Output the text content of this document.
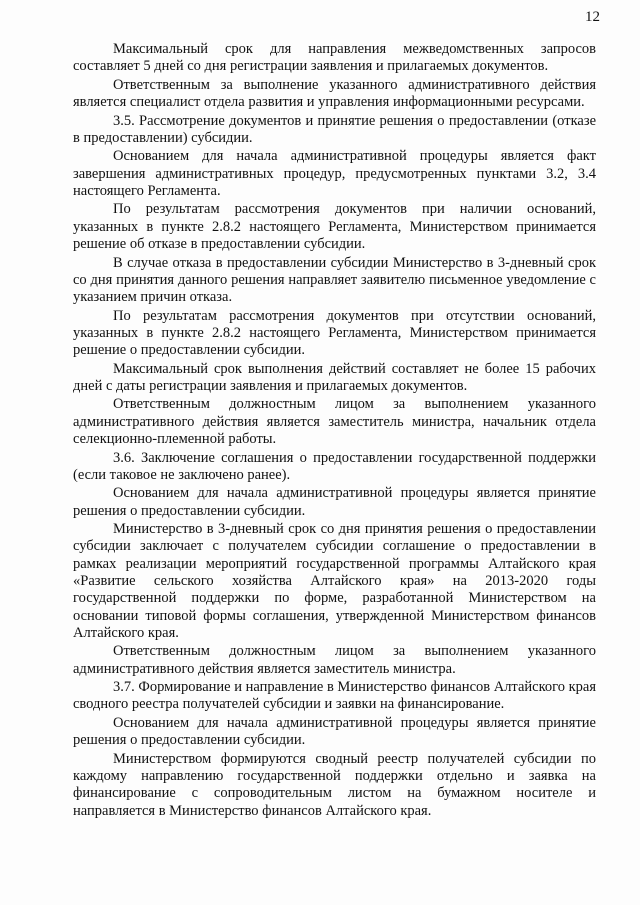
12

Максимальный срок для направления межведомственных запросов составляет 5 дней со дня регистрации заявления и прилагаемых документов.

Ответственным за выполнение указанного административного действия является специалист отдела развития и управления информационными ресурсами.

3.5. Рассмотрение документов и принятие решения о предоставлении (отказе в предоставлении) субсидии.

Основанием для начала административной процедуры является факт завершения административных процедур, предусмотренных пунктами 3.2, 3.4 настоящего Регламента.

По результатам рассмотрения документов при наличии оснований, указанных в пункте 2.8.2 настоящего Регламента, Министерством принимается решение об отказе в предоставлении субсидии.

В случае отказа в предоставлении субсидии Министерство в 3-дневный срок со дня принятия данного решения направляет заявителю письменное уведомление с указанием причин отказа.

По результатам рассмотрения документов при отсутствии оснований, указанных в пункте 2.8.2 настоящего Регламента, Министерством принимается решение о предоставлении субсидии.

Максимальный срок выполнения действий составляет не более 15 рабочих дней с даты регистрации заявления и прилагаемых документов.

Ответственным должностным лицом за выполнением указанного административного действия является заместитель министра, начальник отдела селекционно-племенной работы.

3.6. Заключение соглашения о предоставлении государственной поддержки (если таковое не заключено ранее).

Основанием для начала административной процедуры является принятие решения о предоставлении субсидии.

Министерство в 3-дневный срок со дня принятия решения о предоставлении субсидии заключает с получателем субсидии соглашение о предоставлении в рамках реализации мероприятий государственной программы Алтайского края «Развитие сельского хозяйства Алтайского края» на 2013-2020 годы государственной поддержки по форме, разработанной Министерством на основании типовой формы соглашения, утвержденной Министерством финансов Алтайского края.

Ответственным должностным лицом за выполнением указанного административного действия является заместитель министра.

3.7. Формирование и направление в Министерство финансов Алтайского края сводного реестра получателей субсидии и заявки на финансирование.

Основанием для начала административной процедуры является принятие решения о предоставлении субсидии.

Министерством формируются сводный реестр получателей субсидии по каждому направлению государственной поддержки отдельно и заявка на финансирование с сопроводительным листом на бумажном носителе и направляется в Министерство финансов Алтайского края.
